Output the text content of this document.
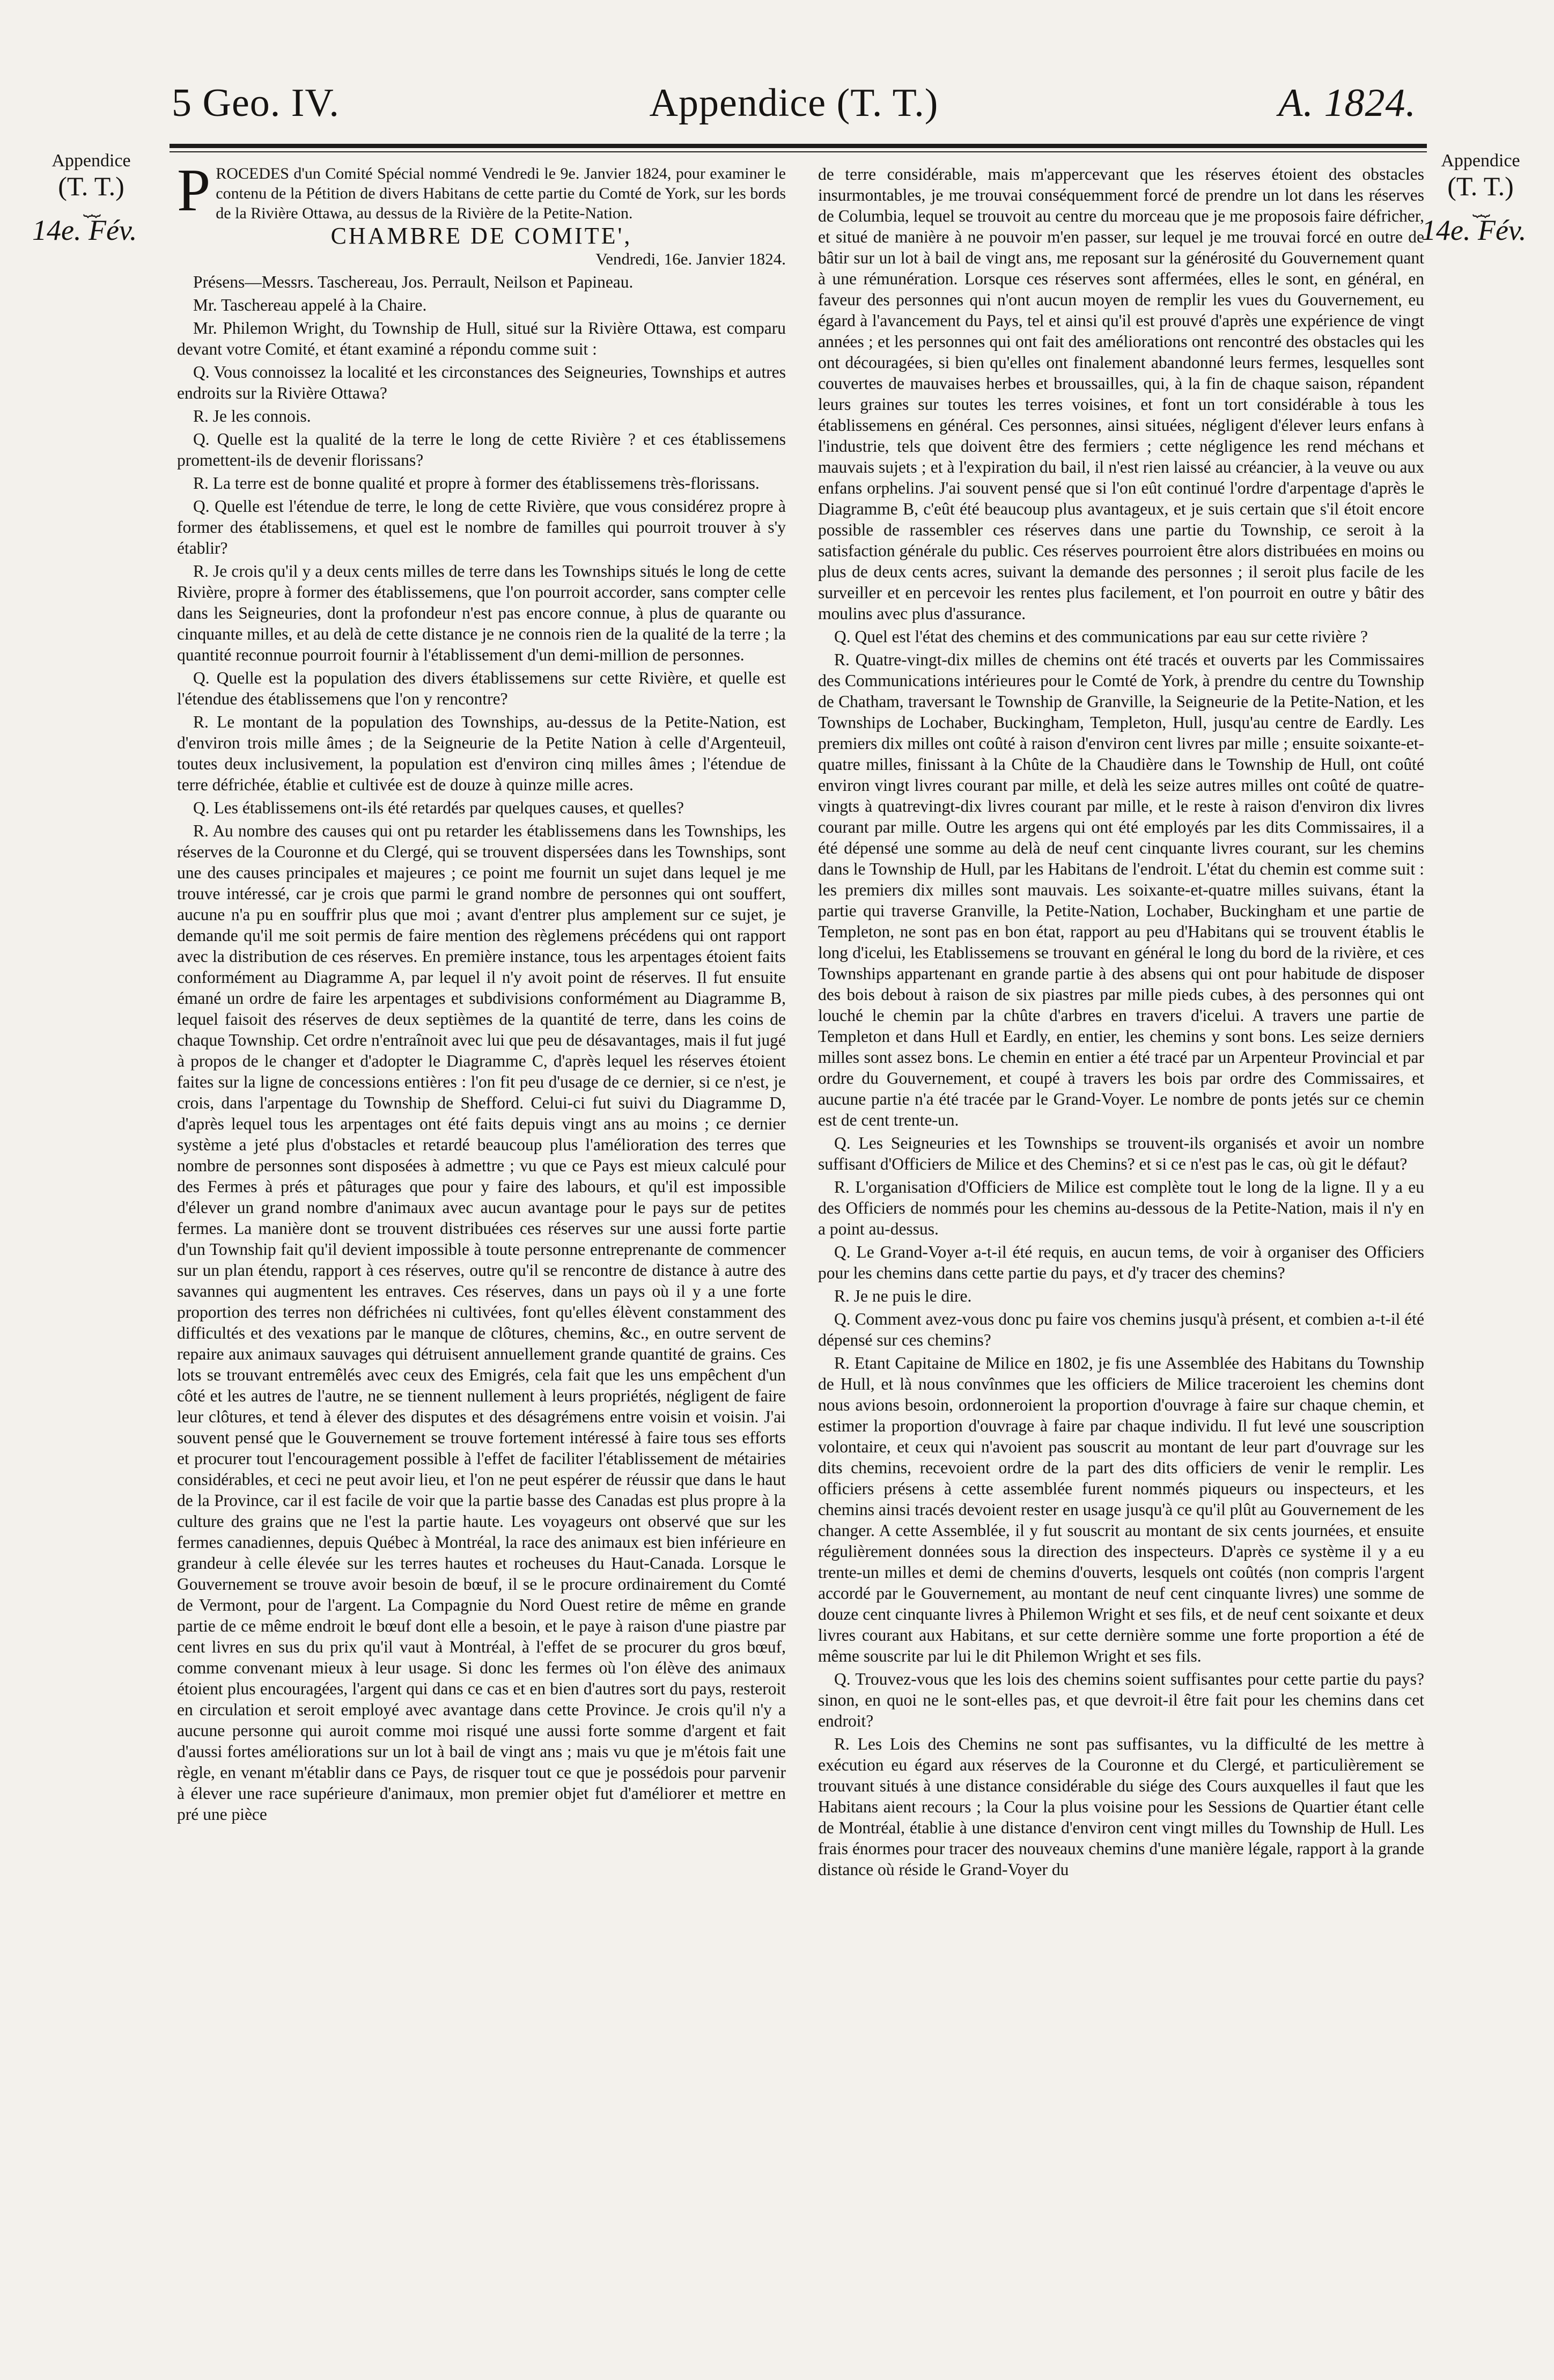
5 Geo. IV.	Appendice (T. T.)	A. 1824.
Appendice
(T. T.)
⏟⏟
14e. Fév.
Appendice
(T. T.)
⏟⏟
14e. Fév.

PROCEDES d'un Comité Spécial nommé Vendredi le 9e. Janvier 1824, pour examiner le contenu de la Pétition de divers Habitans de cette partie du Comté de York, sur les bords de la Rivière Ottawa, au dessus de la Rivière de la Petite-Nation.

CHAMBRE DE COMITE',

Vendredi, 16e. Janvier 1824.

Présens—Messrs. Taschereau, Jos. Perrault, Neilson et Papineau.

Mr. Taschereau appelé à la Chaire.

Mr. Philemon Wright, du Township de Hull, situé sur la Rivière Ottawa, est comparu devant votre Comité, et étant examiné a répondu comme suit :

Q. Vous connoissez la localité et les circonstances des Seigneuries, Townships et autres endroits sur la Rivière Ottawa?

R. Je les connois.

Q. Quelle est la qualité de la terre le long de cette Rivière ? et ces établissemens promettent-ils de devenir florissans?

R. La terre est de bonne qualité et propre à former des établissemens très-florissans.

Q. Quelle est l'étendue de terre, le long de cette Rivière, que vous considérez propre à former des établissemens, et quel est le nombre de familles qui pourroit trouver à s'y établir?

R. Je crois qu'il y a deux cents milles de terre dans les Townships situés le long de cette Rivière, propre à former des établissemens, que l'on pourroit accorder, sans compter celle dans les Seigneuries, dont la profondeur n'est pas encore connue, à plus de quarante ou cinquante milles, et au delà de cette distance je ne connois rien de la qualité de la terre ; la quantité reconnue pourroit fournir à l'établissement d'un demi-million de personnes.

Q. Quelle est la population des divers établissemens sur cette Rivière, et quelle est l'étendue des établissemens que l'on y rencontre?

R. Le montant de la population des Townships, au-dessus de la Petite-Nation, est d'environ trois mille âmes ; de la Seigneurie de la Petite Nation à celle d'Argenteuil, toutes deux inclusivement, la population est d'environ cinq milles âmes ; l'étendue de terre défrichée, établie et cultivée est de douze à quinze mille acres.

Q. Les établissemens ont-ils été retardés par quelques causes, et quelles?

R. Au nombre des causes qui ont pu retarder les établissemens dans les Townships, les réserves de la Couronne et du Clergé, qui se trouvent dispersées dans les Townships, sont une des causes principales et majeures ; ce point me fournit un sujet dans lequel je me trouve intéressé, car je crois que parmi le grand nombre de personnes qui ont souffert, aucune n'a pu en souffrir plus que moi ; avant d'entrer plus amplement sur ce sujet, je demande qu'il me soit permis de faire mention des règlemens précédens qui ont rapport avec la distribution de ces réserves. En première instance, tous les arpentages étoient faits conformément au Diagramme A, par lequel il n'y avoit point de réserves. Il fut ensuite émané un ordre de faire les arpentages et subdivisions conformément au Diagramme B, lequel faisoit des réserves de deux septièmes de la quantité de terre, dans les coins de chaque Township. Cet ordre n'entraînoit avec lui que peu de désavantages, mais il fut jugé à propos de le changer et d'adopter le Diagramme C, d'après lequel les réserves étoient faites sur la ligne de concessions entières : l'on fit peu d'usage de ce dernier, si ce n'est, je crois, dans l'arpentage du Township de Shefford. Celui-ci fut suivi du Diagramme D, d'après lequel tous les arpentages ont été faits depuis vingt ans au moins ; ce dernier système a jeté plus d'obstacles et retardé beaucoup plus l'amélioration des terres que nombre de personnes sont disposées à admettre ; vu que ce Pays est mieux calculé pour des Fermes à prés et pâturages que pour y faire des labours, et qu'il est impossible d'élever un grand nombre d'animaux avec aucun avantage pour le pays sur de petites fermes. La manière dont se trouvent distribuées ces réserves sur une aussi forte partie d'un Township fait qu'il devient impossible à toute personne entreprenante de commencer sur un plan étendu, rapport à ces réserves, outre qu'il se rencontre de distance à autre des savannes qui augmentent les entraves. Ces réserves, dans un pays où il y a une forte proportion des terres non défrichées ni cultivées, font qu'elles élèvent constamment des difficultés et des vexations par le manque de clôtures, chemins, &c., en outre servent de repaire aux animaux sauvages qui détruisent annuellement grande quantité de grains. Ces lots se trouvant entremêlés avec ceux des Emigrés, cela fait que les uns empêchent d'un côté et les autres de l'autre, ne se tiennent nullement à leurs propriétés, négligent de faire leur clôtures, et tend à élever des disputes et des désagrémens entre voisin et voisin. J'ai souvent pensé que le Gouvernement se trouve fortement intéressé à faire tous ses efforts et procurer tout l'encouragement possible à l'effet de faciliter l'établissement de métairies considérables, et ceci ne peut avoir lieu, et l'on ne peut espérer de réussir que dans le haut de la Province, car il est facile de voir que la partie basse des Canadas est plus propre à la culture des grains que ne l'est la partie haute. Les voyageurs ont observé que sur les fermes canadiennes, depuis Québec à Montréal, la race des animaux est bien inférieure en grandeur à celle élevée sur les terres hautes et rocheuses du Haut-Canada. Lorsque le Gouvernement se trouve avoir besoin de bœuf, il se le procure ordinairement du Comté de Vermont, pour de l'argent. La Compagnie du Nord Ouest retire de même en grande partie de ce même endroit le bœuf dont elle a besoin, et le paye à raison d'une piastre par cent livres en sus du prix qu'il vaut à Montréal, à l'effet de se procurer du gros bœuf, comme convenant mieux à leur usage. Si donc les fermes où l'on élève des animaux étoient plus encouragées, l'argent qui dans ce cas et en bien d'autres sort du pays, resteroit en circulation et seroit employé avec avantage dans cette Province. Je crois qu'il n'y a aucune personne qui auroit comme moi risqué une aussi forte somme d'argent et fait d'aussi fortes améliorations sur un lot à bail de vingt ans ; mais vu que je m'étois fait une règle, en venant m'établir dans ce Pays, de risquer tout ce que je possédois pour parvenir à élever une race supérieure d'animaux, mon premier objet fut d'améliorer et mettre en pré une pièce

de terre considérable, mais m'appercevant que les réserves étoient des obstacles insurmontables, je me trouvai conséquemment forcé de prendre un lot dans les réserves de Columbia, lequel se trouvoit au centre du morceau que je me proposois faire défricher, et situé de manière à ne pouvoir m'en passer, sur lequel je me trouvai forcé en outre de bâtir sur un lot à bail de vingt ans, me reposant sur la générosité du Gouvernement quant à une rémunération. Lorsque ces réserves sont affermées, elles le sont, en général, en faveur des personnes qui n'ont aucun moyen de remplir les vues du Gouvernement, eu égard à l'avancement du Pays, tel et ainsi qu'il est prouvé d'après une expérience de vingt années ; et les personnes qui ont fait des améliorations ont rencontré des obstacles qui les ont découragées, si bien qu'elles ont finalement abandonné leurs fermes, lesquelles sont couvertes de mauvaises herbes et broussailles, qui, à la fin de chaque saison, répandent leurs graines sur toutes les terres voisines, et font un tort considérable à tous les établissemens en général. Ces personnes, ainsi situées, négligent d'élever leurs enfans à l'industrie, tels que doivent être des fermiers ; cette négligence les rend méchans et mauvais sujets ; et à l'expiration du bail, il n'est rien laissé au créancier, à la veuve ou aux enfans orphelins. J'ai souvent pensé que si l'on eût continué l'ordre d'arpentage d'après le Diagramme B, c'eût été beaucoup plus avantageux, et je suis certain que s'il étoit encore possible de rassembler ces réserves dans une partie du Township, ce seroit à la satisfaction générale du public. Ces réserves pourroient être alors distribuées en moins ou plus de deux cents acres, suivant la demande des personnes ; il seroit plus facile de les surveiller et en percevoir les rentes plus facilement, et l'on pourroit en outre y bâtir des moulins avec plus d'assurance.

Q. Quel est l'état des chemins et des communications par eau sur cette rivière ?

R. Quatre-vingt-dix milles de chemins ont été tracés et ouverts par les Commissaires des Communications intérieures pour le Comté de York, à prendre du centre du Township de Chatham, traversant le Township de Granville, la Seigneurie de la Petite-Nation, et les Townships de Lochaber, Buckingham, Templeton, Hull, jusqu'au centre de Eardly. Les premiers dix milles ont coûté à raison d'environ cent livres par mille ; ensuite soixante-et-quatre milles, finissant à la Chûte de la Chaudière dans le Township de Hull, ont coûté environ vingt livres courant par mille, et delà les seize autres milles ont coûté de quatre-vingts à quatrevingt-dix livres courant par mille, et le reste à raison d'environ dix livres courant par mille. Outre les argens qui ont été employés par les dits Commissaires, il a été dépensé une somme au delà de neuf cent cinquante livres courant, sur les chemins dans le Township de Hull, par les Habitans de l'endroit. L'état du chemin est comme suit : les premiers dix milles sont mauvais. Les soixante-et-quatre milles suivans, étant la partie qui traverse Granville, la Petite-Nation, Lochaber, Buckingham et une partie de Templeton, ne sont pas en bon état, rapport au peu d'Habitans qui se trouvent établis le long d'icelui, les Etablissemens se trouvant en général le long du bord de la rivière, et ces Townships appartenant en grande partie à des absens qui ont pour habitude de disposer des bois debout à raison de six piastres par mille pieds cubes, à des personnes qui ont louché le chemin par la chûte d'arbres en travers d'icelui. A travers une partie de Templeton et dans Hull et Eardly, en entier, les chemins y sont bons. Les seize derniers milles sont assez bons. Le chemin en entier a été tracé par un Arpenteur Provincial et par ordre du Gouvernement, et coupé à travers les bois par ordre des Commissaires, et aucune partie n'a été tracée par le Grand-Voyer. Le nombre de ponts jetés sur ce chemin est de cent trente-un.

Q. Les Seigneuries et les Townships se trouvent-ils organisés et avoir un nombre suffisant d'Officiers de Milice et des Chemins? et si ce n'est pas le cas, où git le défaut?

R. L'organisation d'Officiers de Milice est complète tout le long de la ligne. Il y a eu des Officiers de nommés pour les chemins au-dessous de la Petite-Nation, mais il n'y en a point au-dessus.

Q. Le Grand-Voyer a-t-il été requis, en aucun tems, de voir à organiser des Officiers pour les chemins dans cette partie du pays, et d'y tracer des chemins?

R. Je ne puis le dire.

Q. Comment avez-vous donc pu faire vos chemins jusqu'à présent, et combien a-t-il été dépensé sur ces chemins?

R. Etant Capitaine de Milice en 1802, je fis une Assemblée des Habitans du Township de Hull, et là nous convînmes que les officiers de Milice traceroient les chemins dont nous avions besoin, ordonneroient la proportion d'ouvrage à faire sur chaque chemin, et estimer la proportion d'ouvrage à faire par chaque individu. Il fut levé une souscription volontaire, et ceux qui n'avoient pas souscrit au montant de leur part d'ouvrage sur les dits chemins, recevoient ordre de la part des dits officiers de venir le remplir. Les officiers présens à cette assemblée furent nommés piqueurs ou inspecteurs, et les chemins ainsi tracés devoient rester en usage jusqu'à ce qu'il plût au Gouvernement de les changer. A cette Assemblée, il y fut souscrit au montant de six cents journées, et ensuite régulièrement données sous la direction des inspecteurs. D'après ce système il y a eu trente-un milles et demi de chemins d'ouverts, lesquels ont coûtés (non compris l'argent accordé par le Gouvernement, au montant de neuf cent cinquante livres) une somme de douze cent cinquante livres à Philemon Wright et ses fils, et de neuf cent soixante et deux livres courant aux Habitans, et sur cette dernière somme une forte proportion a été de même souscrite par lui le dit Philemon Wright et ses fils.

Q. Trouvez-vous que les lois des chemins soient suffisantes pour cette partie du pays? sinon, en quoi ne le sont-elles pas, et que devroit-il être fait pour les chemins dans cet endroit?

R. Les Lois des Chemins ne sont pas suffisantes, vu la difficulté de les mettre à exécution eu égard aux réserves de la Couronne et du Clergé, et particulièrement se trouvant situés à une distance considérable du siége des Cours auxquelles il faut que les Habitans aient recours ; la Cour la plus voisine pour les Sessions de Quartier étant celle de Montréal, établie à une distance d'environ cent vingt milles du Township de Hull. Les frais énormes pour tracer des nouveaux chemins d'une manière légale, rapport à la grande distance où réside le Grand-Voyer du
